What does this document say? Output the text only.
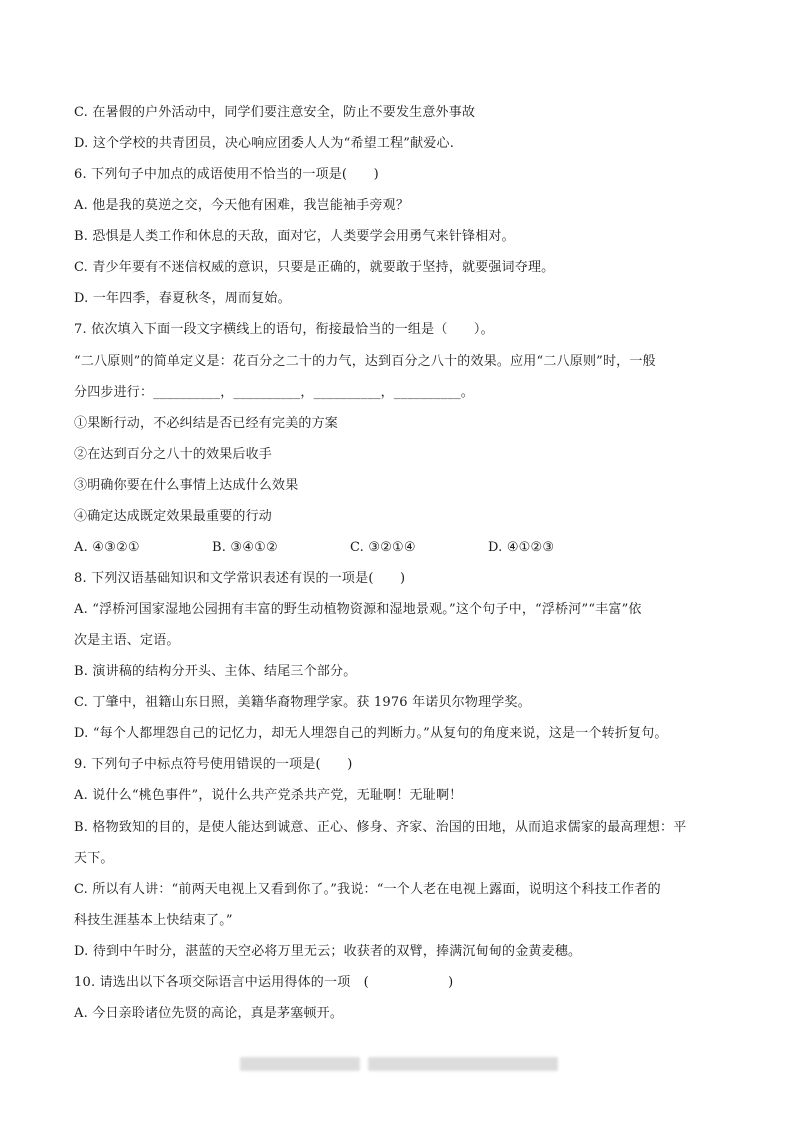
C. 在暑假的户外活动中，同学们要注意安全，防止不要发生意外事故
D. 这个学校的共青团员，决心响应团委人人为“希望工程”献爱心.
6. 下列句子中加点的成语使用不恰当的一项是(　　)
A. 他是我的莫逆之交，今天他有困难，我岂能袖手旁观？
B. 恐惧是人类工作和休息的天敌，面对它，人类要学会用勇气来针锋相对。
C. 青少年要有不迷信权威的意识，只要是正确的，就要敢于坚持，就要强词夺理。
D. 一年四季，春夏秋冬，周而复始。
7. 依次填入下面一段文字横线上的语句，衔接最恰当的一组是（　　）。
“二八原则”的简单定义是：花百分之二十的力气，达到百分之八十的效果。应用“二八原则”时，一般
分四步进行：__________，__________，__________，__________。
①果断行动，不必纠结是否已经有完美的方案
②在达到百分之八十的效果后收手
③明确你要在什么事情上达成什么效果
④确定达成既定效果最重要的行动
A. ④③②①	B. ③④①②	C. ③②①④	D. ④①②③
8. 下列汉语基础知识和文学常识表述有误的一项是(　　)
A. “浮桥河国家湿地公园拥有丰富的野生动植物资源和湿地景观。”这个句子中，“浮桥河”“丰富”依
次是主语、定语。
B. 演讲稿的结构分开头、主体、结尾三个部分。
C. 丁肇中，祖籍山东日照，美籍华裔物理学家。获 1976 年诺贝尔物理学奖。
D. “每个人都埋怨自己的记忆力，却无人埋怨自己的判断力。”从复句的角度来说，这是一个转折复句。
9. 下列句子中标点符号使用错误的一项是(　　)
A. 说什么“桃色事件”，说什么共产党杀共产党，无耻啊！无耻啊！
B. 格物致知的目的，是使人能达到诚意、正心、修身、齐家、治国的田地，从而追求儒家的最高理想：平
天下。
C. 所以有人讲：“前两天电视上又看到你了。”我说：“一个人老在电视上露面，说明这个科技工作者的
科技生涯基本上快结束了。”
D. 待到中午时分，湛蓝的天空必将万里无云；收获者的双臂，捧满沉甸甸的金黄麦穗。
10. 请选出以下各项交际语言中运用得体的一项　(　　　　　　)
A. 今日亲聆诸位先贤的高论，真是茅塞顿开。
